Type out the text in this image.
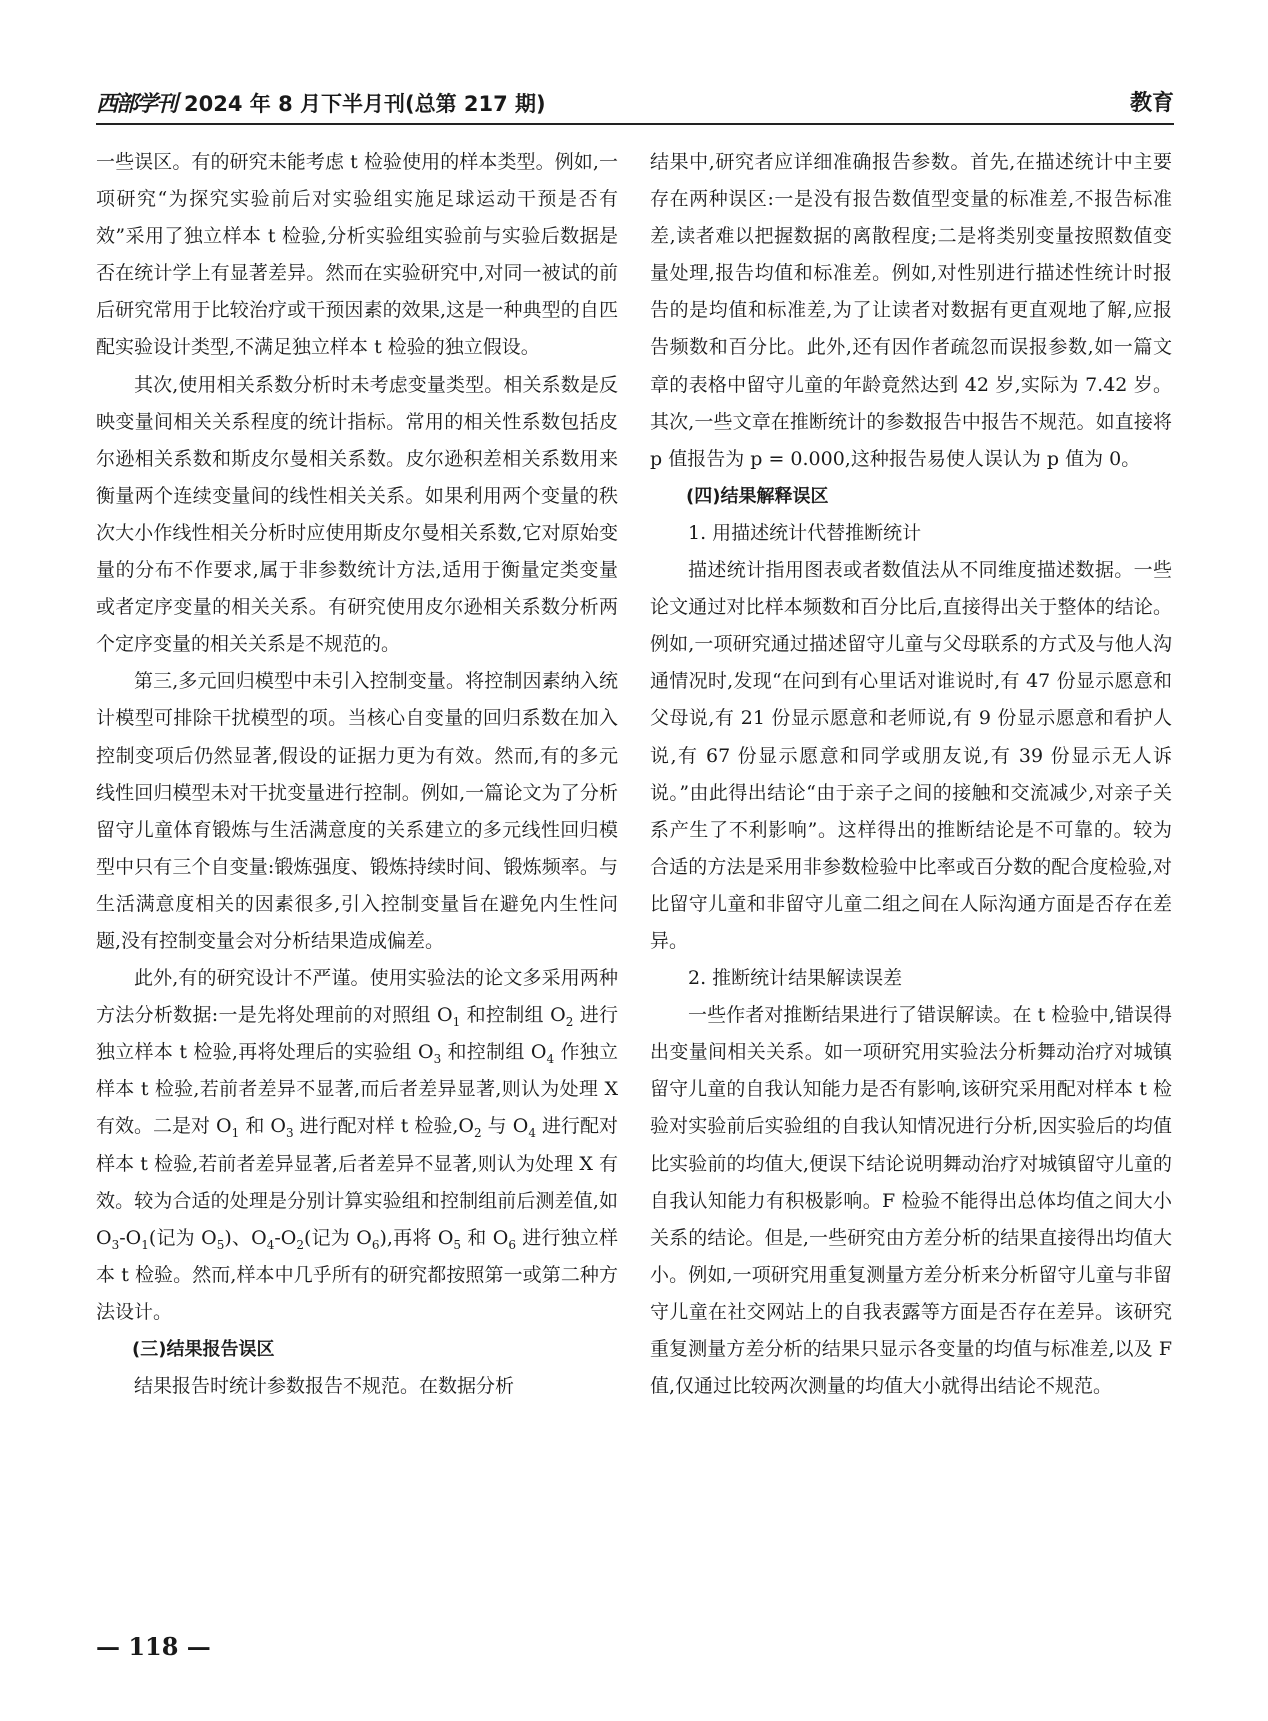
西部学刊 2024 年 8 月下半月刊(总第 217 期)	教育

一些误区。有的研究未能考虑 t 检验使用的样本类型。例如,一项研究“为探究实验前后对实验组实施足球运动干预是否有效”采用了独立样本 t 检验,分析实验组实验前与实验后数据是否在统计学上有显著差异。然而在实验研究中,对同一被试的前后研究常用于比较治疗或干预因素的效果,这是一种典型的自匹配实验设计类型,不满足独立样本 t 检验的独立假设。

其次,使用相关系数分析时未考虑变量类型。相关系数是反映变量间相关关系程度的统计指标。常用的相关性系数包括皮尔逊相关系数和斯皮尔曼相关系数。皮尔逊积差相关系数用来衡量两个连续变量间的线性相关关系。如果利用两个变量的秩次大小作线性相关分析时应使用斯皮尔曼相关系数,它对原始变量的分布不作要求,属于非参数统计方法,适用于衡量定类变量或者定序变量的相关关系。有研究使用皮尔逊相关系数分析两个定序变量的相关关系是不规范的。

第三,多元回归模型中未引入控制变量。将控制因素纳入统计模型可排除干扰模型的项。当核心自变量的回归系数在加入控制变项后仍然显著,假设的证据力更为有效。然而,有的多元线性回归模型未对干扰变量进行控制。例如,一篇论文为了分析留守儿童体育锻炼与生活满意度的关系建立的多元线性回归模型中只有三个自变量:锻炼强度、锻炼持续时间、锻炼频率。与生活满意度相关的因素很多,引入控制变量旨在避免内生性问题,没有控制变量会对分析结果造成偏差。

此外,有的研究设计不严谨。使用实验法的论文多采用两种方法分析数据:一是先将处理前的对照组 $O_1$ 和控制组 $O_2$ 进行独立样本 t 检验,再将处理后的实验组 $O_3$ 和控制组 $O_4$ 作独立样本 t 检验,若前者差异不显著,而后者差异显著,则认为处理 X 有效。二是对 $O_1$ 和 $O_3$ 进行配对样 t 检验$,O_2$ 与 $O_4$ 进行配对样本 t 检验,若前者差异显著,后者差异不显著,则认为处理 X 有效。较为合适的处理是分别计算实验组和控制组前后测差值,如 $O_3-O_1$(记为 $O_5$)、$O_4-O_2$(记为 $O_6$),再将 $O_5$ 和 $O_6$ 进行独立样本 t 检验。然而,样本中几乎所有的研究都按照第一或第二种方法设计。

(三)结果报告误区

结果报告时统计参数报告不规范。在数据分析

结果中,研究者应详细准确报告参数。首先,在描述统计中主要存在两种误区:一是没有报告数值型变量的标准差,不报告标准差,读者难以把握数据的离散程度;二是将类别变量按照数值变量处理,报告均值和标准差。例如,对性别进行描述性统计时报告的是均值和标准差,为了让读者对数据有更直观地了解,应报告频数和百分比。此外,还有因作者疏忽而误报参数,如一篇文章的表格中留守儿童的年龄竟然达到 42 岁,实际为 7.42 岁。其次,一些文章在推断统计的参数报告中报告不规范。如直接将 p 值报告为 p = 0.000,这种报告易使人误认为 p 值为 0。

(四)结果解释误区

1. 用描述统计代替推断统计

描述统计指用图表或者数值法从不同维度描述数据。一些论文通过对比样本频数和百分比后,直接得出关于整体的结论。例如,一项研究通过描述留守儿童与父母联系的方式及与他人沟通情况时,发现“在问到有心里话对谁说时,有 47 份显示愿意和父母说,有 21 份显示愿意和老师说,有 9 份显示愿意和看护人说,有 67 份显示愿意和同学或朋友说,有 39 份显示无人诉说。”由此得出结论“由于亲子之间的接触和交流减少,对亲子关系产生了不利影响”。这样得出的推断结论是不可靠的。较为合适的方法是采用非参数检验中比率或百分数的配合度检验,对比留守儿童和非留守儿童二组之间在人际沟通方面是否存在差异。

2. 推断统计结果解读误差

一些作者对推断结果进行了错误解读。在 t 检验中,错误得出变量间相关关系。如一项研究用实验法分析舞动治疗对城镇留守儿童的自我认知能力是否有影响,该研究采用配对样本 t 检验对实验前后实验组的自我认知情况进行分析,因实验后的均值比实验前的均值大,便误下结论说明舞动治疗对城镇留守儿童的自我认知能力有积极影响。F 检验不能得出总体均值之间大小关系的结论。但是,一些研究由方差分析的结果直接得出均值大小。例如,一项研究用重复测量方差分析来分析留守儿童与非留守儿童在社交网站上的自我表露等方面是否存在差异。该研究重复测量方差分析的结果只显示各变量的均值与标准差,以及 F 值,仅通过比较两次测量的均值大小就得出结论不规范。

— 118 —
